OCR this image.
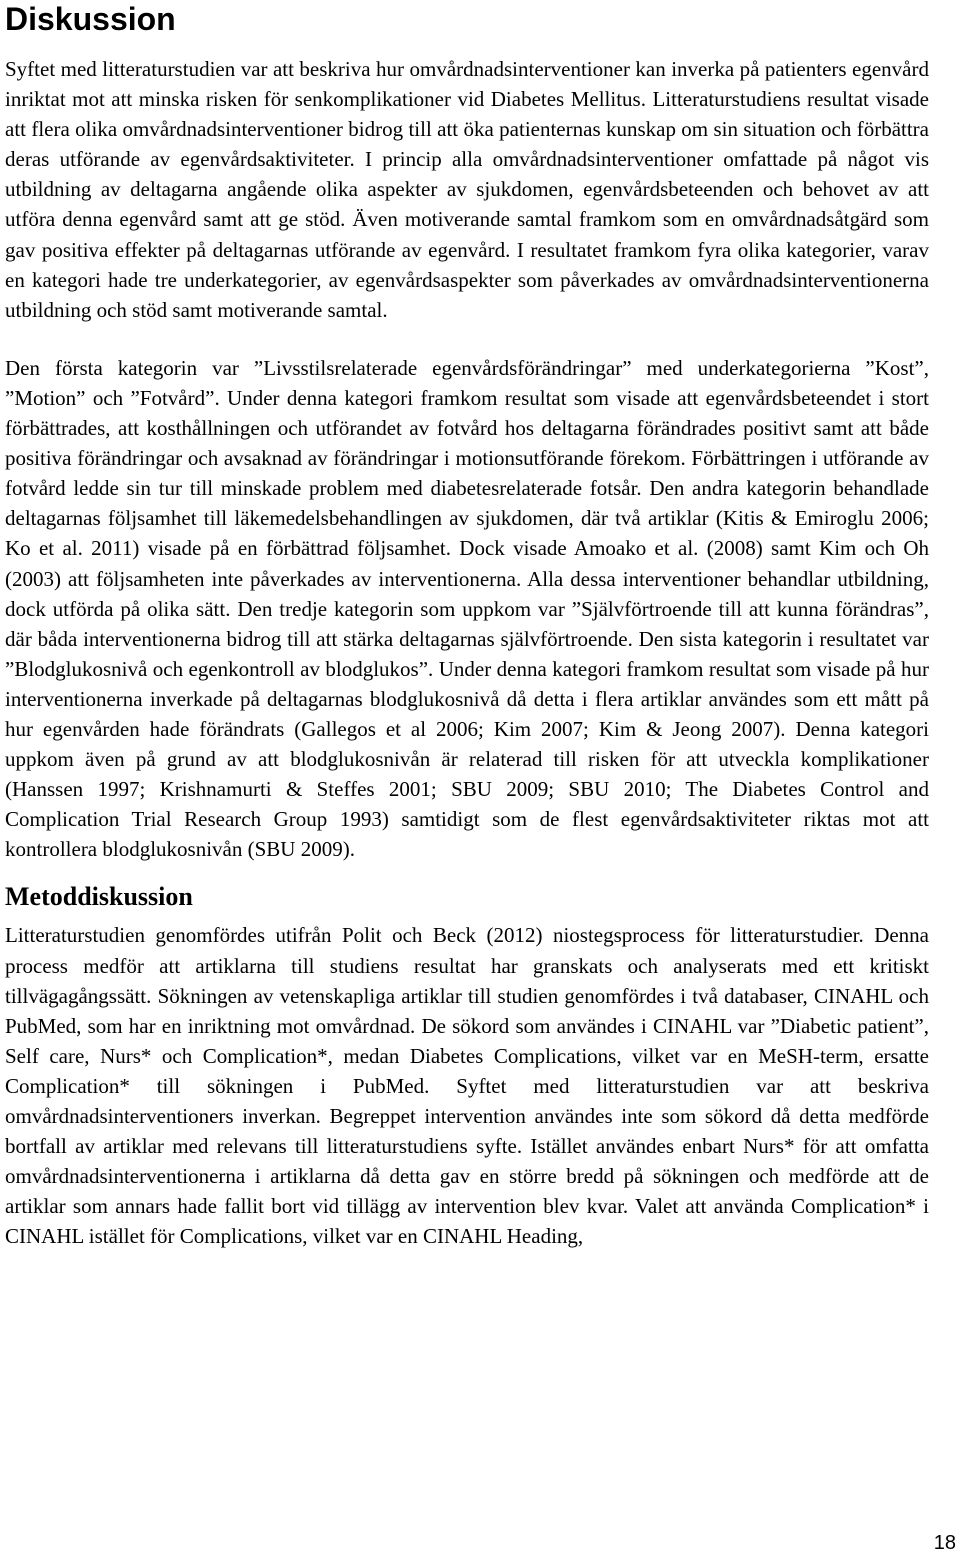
Diskussion

Syftet med litteraturstudien var att beskriva hur omvårdnadsinterventioner kan inverka på patienters egenvård inriktat mot att minska risken för senkomplikationer vid Diabetes Mellitus. Litteraturstudiens resultat visade att flera olika omvårdnadsinterventioner bidrog till att öka patienternas kunskap om sin situation och förbättra deras utförande av egenvårdsaktiviteter. I princip alla omvårdnadsinterventioner omfattade på något vis utbildning av deltagarna angående olika aspekter av sjukdomen, egenvårdsbeteenden och behovet av att utföra denna egenvård samt att ge stöd. Även motiverande samtal framkom som en omvårdnadsåtgärd som gav positiva effekter på deltagarnas utförande av egenvård. I resultatet framkom fyra olika kategorier, varav en kategori hade tre underkategorier, av egenvårdsaspekter som påverkades av omvårdnadsinterventionerna utbildning och stöd samt motiverande samtal.

Den första kategorin var ”Livsstilsrelaterade egenvårdsförändringar” med underkategorierna ”Kost”, ”Motion” och ”Fotvård”. Under denna kategori framkom resultat som visade att egenvårdsbeteendet i stort förbättrades, att kosthållningen och utförandet av fotvård hos deltagarna förändrades positivt samt att både positiva förändringar och avsaknad av förändringar i motionsutförande förekom. Förbättringen i utförande av fotvård ledde sin tur till minskade problem med diabetesrelaterade fotsår. Den andra kategorin behandlade deltagarnas följsamhet till läkemedelsbehandlingen av sjukdomen, där två artiklar (Kitis & Emiroglu 2006; Ko et al. 2011) visade på en förbättrad följsamhet. Dock visade Amoako et al. (2008) samt Kim och Oh (2003) att följsamheten inte påverkades av interventionerna. Alla dessa interventioner behandlar utbildning, dock utförda på olika sätt. Den tredje kategorin som uppkom var ”Självförtroende till att kunna förändras”, där båda interventionerna bidrog till att stärka deltagarnas självförtroende. Den sista kategorin i resultatet var ”Blodglukosnivå och egenkontroll av blodglukos”. Under denna kategori framkom resultat som visade på hur interventionerna inverkade på deltagarnas blodglukosnivå då detta i flera artiklar användes som ett mått på hur egenvården hade förändrats (Gallegos et al 2006; Kim 2007; Kim & Jeong 2007). Denna kategori uppkom även på grund av att blodglukosnivån är relaterad till risken för att utveckla komplikationer (Hanssen 1997; Krishnamurti & Steffes 2001; SBU 2009; SBU 2010; The Diabetes Control and Complication Trial Research Group 1993) samtidigt som de flest egenvårdsaktiviteter riktas mot att kontrollera blodglukosnivån (SBU 2009).

Metoddiskussion

Litteraturstudien genomfördes utifrån Polit och Beck (2012) niostegsprocess för litteraturstudier. Denna process medför att artiklarna till studiens resultat har granskats och analyserats med ett kritiskt tillvägagångssätt. Sökningen av vetenskapliga artiklar till studien genomfördes i två databaser, CINAHL och PubMed, som har en inriktning mot omvårdnad. De sökord som användes i CINAHL var ”Diabetic patient”, Self care, Nurs* och Complication*, medan Diabetes Complications, vilket var en MeSH-term, ersatte Complication* till sökningen i PubMed. Syftet med litteraturstudien var att beskriva omvårdnadsinterventioners inverkan. Begreppet intervention användes inte som sökord då detta medförde bortfall av artiklar med relevans till litteraturstudiens syfte. Istället användes enbart Nurs* för att omfatta omvårdnadsinterventionerna i artiklarna då detta gav en större bredd på sökningen och medförde att de artiklar som annars hade fallit bort vid tillägg av intervention blev kvar. Valet att använda Complication* i CINAHL istället för Complications, vilket var en CINAHL Heading,

18
